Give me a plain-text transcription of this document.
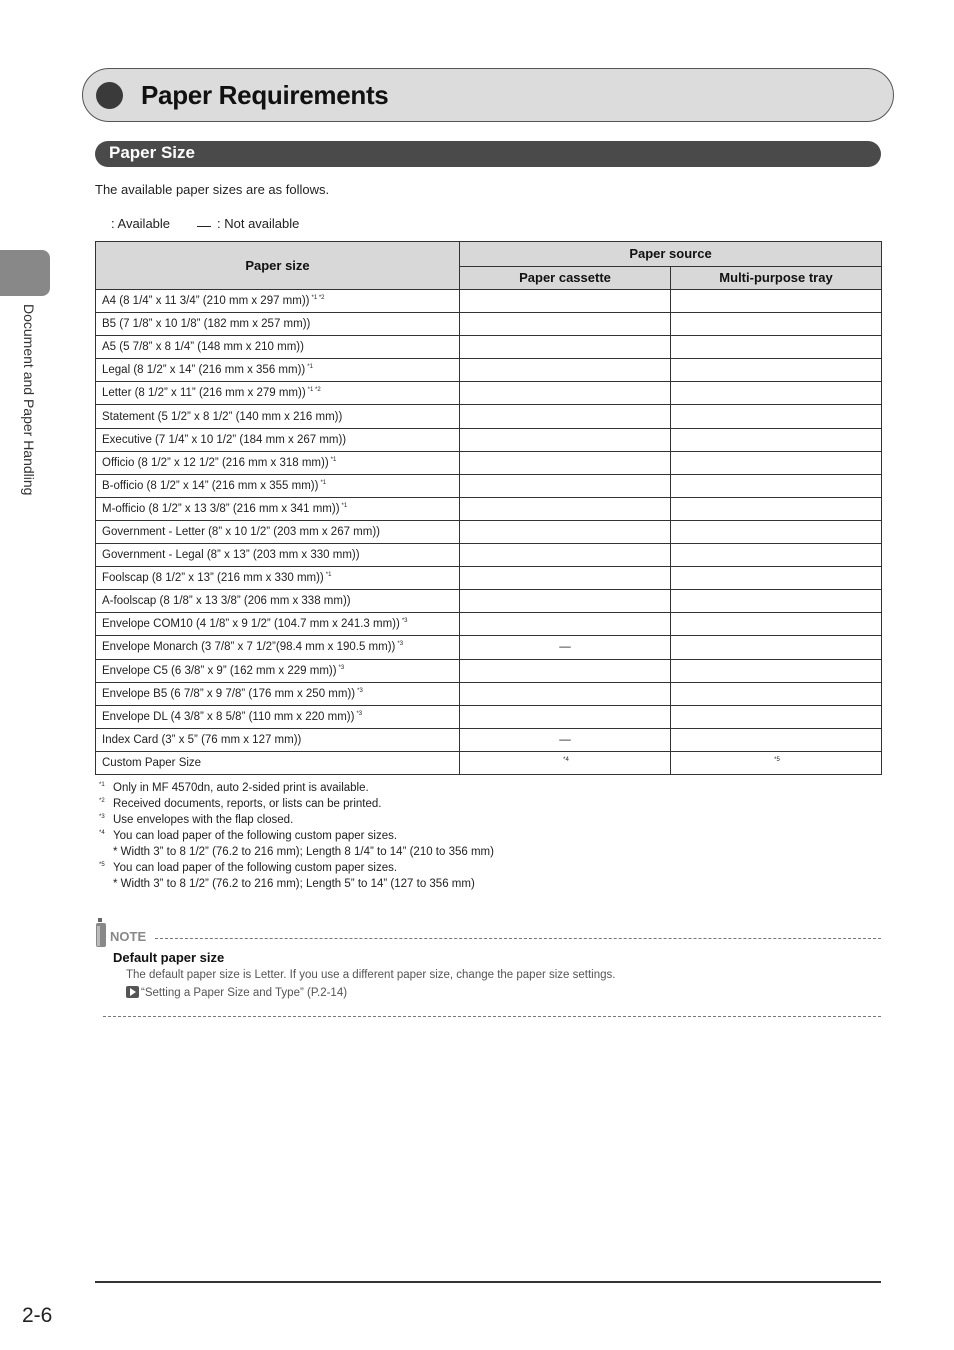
Paper Requirements
Paper Size
The available paper sizes are as follows.
: Available	: Not available
Document and Paper Handling
Paper size	Paper source	
	Paper cassette	Multi-purpose tray
A4 (8 1/4” x 11 3/4” (210 mm x 297 mm)) $^{*1 *2}$		
B5 (7 1/8” x 10 1/8” (182 mm x 257 mm))		
A5 (5 7/8” x 8 1/4” (148 mm x 210 mm))		
Legal (8 1/2” x 14” (216 mm x 356 mm)) $^{*1}$		
Letter (8 1/2” x 11” (216 mm x 279 mm)) $^{*1 *2}$		
Statement (5 1/2” x 8 1/2” (140 mm x 216 mm))		
Executive (7 1/4” x 10 1/2” (184 mm x 267 mm))		
Officio (8 1/2” x 12 1/2” (216 mm x 318 mm)) $^{*1}$		
B-officio (8 1/2” x 14” (216 mm x 355 mm)) $^{*1}$		
M-officio (8 1/2” x 13 3/8” (216 mm x 341 mm)) $^{*1}$		
Government - Letter (8” x 10 1/2” (203 mm x 267 mm))		
Government - Legal (8” x 13” (203 mm x 330 mm))		
Foolscap (8 1/2” x 13” (216 mm x 330 mm)) $^{*1}$		
A-foolscap (8 1/8” x 13 3/8” (206 mm x 338 mm))		
Envelope COM10 (4 1/8” x 9 1/2” (104.7 mm x 241.3 mm)) $^{*3}$		
Envelope Monarch (3 7/8” x 7 1/2”(98.4 mm x 190.5 mm)) $^{*3}$	—	
Envelope C5 (6 3/8” x 9” (162 mm x 229 mm)) $^{*3}$		
Envelope B5 (6 7/8” x 9 7/8” (176 mm x 250 mm)) $^{*3}$		
Envelope DL (4 3/8” x 8 5/8” (110 mm x 220 mm)) $^{*3}$		
Index Card (3” x 5” (76 mm x 127 mm))	—	
Custom Paper Size	$^{*4}$	$^{*5}$
*1 Only in MF 4570dn, auto 2-sided print is available.
*2 Received documents, reports, or lists can be printed.
*3 Use envelopes with the flap closed.
*4 You can load paper of the following custom paper sizes.
* Width 3” to 8 1/2” (76.2 to 216 mm); Length 8 1/4” to 14” (210 to 356 mm)
*5 You can load paper of the following custom paper sizes.
* Width 3” to 8 1/2” (76.2 to 216 mm); Length 5” to 14” (127 to 356 mm)
NOTE
Default paper size
The default paper size is Letter. If you use a different paper size, change the paper size settings.
“Setting a Paper Size and Type” (P.2-14)
2-6
